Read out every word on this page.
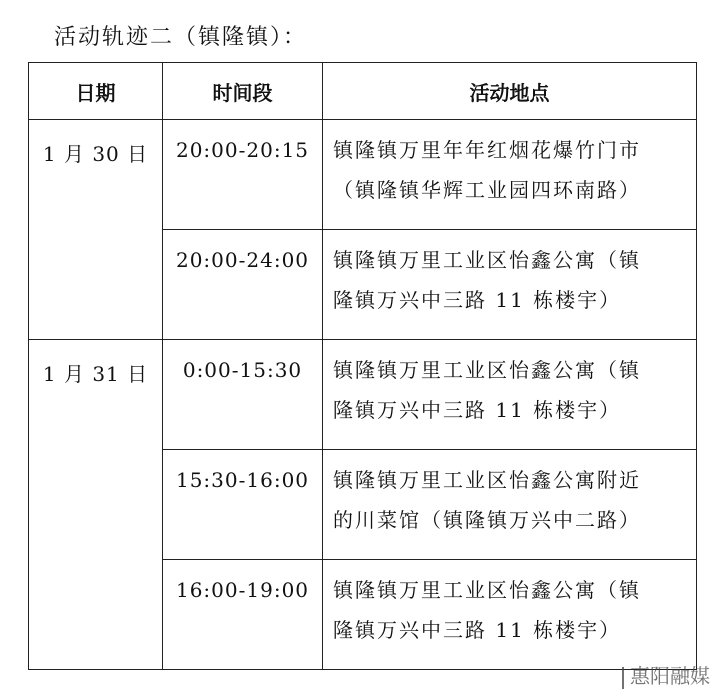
活动轨迹二（镇隆镇）：
日期	时间段	活动地点
1 月 30 日	20:00-20:15	镇隆镇万里年年红烟花爆竹门市
（镇隆镇华辉工业园四环南路）

	20:00-24:00	镇隆镇万里工业区怡鑫公寓（镇
隆镇万兴中三路 11 栋楼宇）

1 月 31 日	0:00-15:30	镇隆镇万里工业区怡鑫公寓（镇
隆镇万兴中三路 11 栋楼宇）

	15:30-16:00	镇隆镇万里工业区怡鑫公寓附近
的川菜馆（镇隆镇万兴中二路）

	16:00-19:00	镇隆镇万里工业区怡鑫公寓（镇
隆镇万兴中三路 11 栋楼宇）
惠阳融媒
